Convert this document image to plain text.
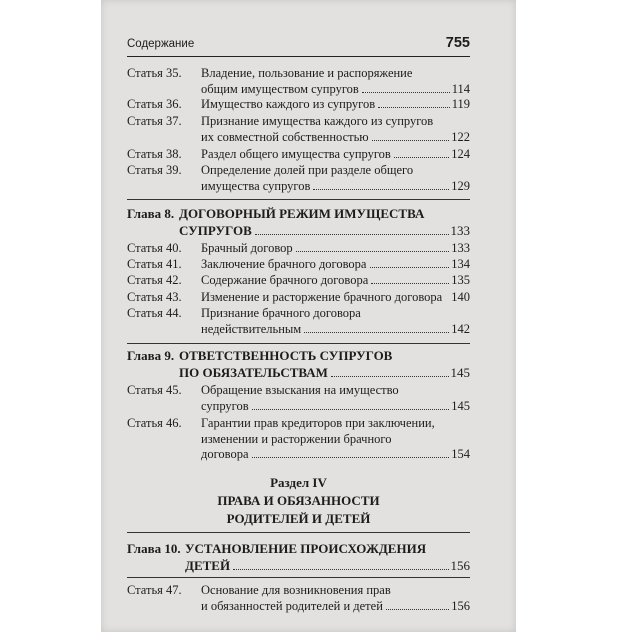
Содержание	755
Статья 35. Владение, пользование и распоряжение
общим имуществом супругов	114
Статья 36. Имущество каждого из супругов	119
Статья 37. Признание имущества каждого из супругов
их совместной собственностью	122
Статья 38. Раздел общего имущества супругов	124
Статья 39. Определение долей при разделе общего
имущества супругов	129
Глава 8. ДОГОВОРНЫЙ РЕЖИМ ИМУЩЕСТВА
СУПРУГОВ	133
Статья 40. Брачный договор	133
Статья 41. Заключение брачного договора	134
Статья 42. Содержание брачного договора	135
Статья 43. Изменение и расторжение брачного договора 140
Статья 44. Признание брачного договора
недействительным	142
Глава 9. ОТВЕТСТВЕННОСТЬ СУПРУГОВ
ПО ОБЯЗАТЕЛЬСТВАМ	145
Статья 45. Обращение взыскания на имущество
супругов	145
Статья 46. Гарантии прав кредиторов при заключении,
изменении и расторжении брачного
договора	154
Раздел IV
ПРАВА И ОБЯЗАННОСТИ
РОДИТЕЛЕЙ И ДЕТЕЙ
Глава 10. УСТАНОВЛЕНИЕ ПРОИСХОЖДЕНИЯ
ДЕТЕЙ	156
Статья 47. Основание для возникновения прав
и обязанностей родителей и детей	156
